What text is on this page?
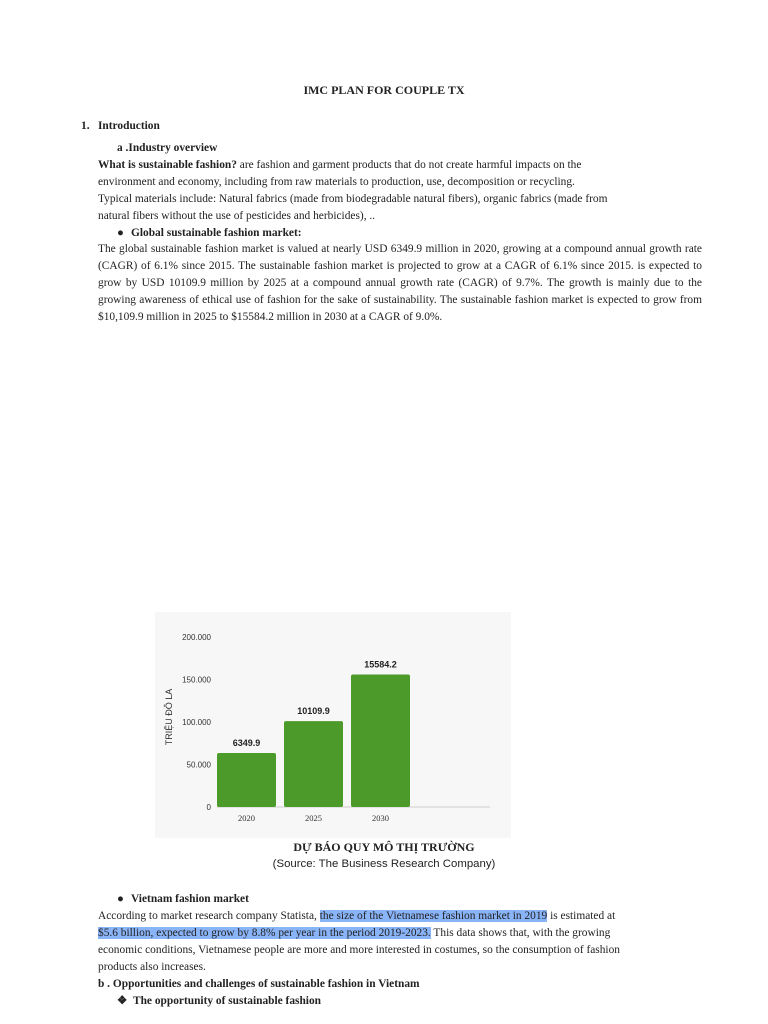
IMC PLAN FOR COUPLE TX
1. Introduction
a .Industry overview
What is sustainable fashion? are fashion and garment products that do not create harmful impacts on the
environment and economy, including from raw materials to production, use, decomposition or recycling.
Typical materials include: Natural fabrics (made from biodegradable natural fibers), organic fabrics (made from
natural fibers without the use of pesticides and herbicides), ..
● Global sustainable fashion market:
The global sustainable fashion market is valued at nearly USD 6349.9 million in 2020, growing at a compound annual growth rate (CAGR) of 6.1% since 2015. The sustainable fashion market is projected to grow at a CAGR of 6.1% since 2015. is expected to grow by USD 10109.9 million by 2025 at a compound annual growth rate (CAGR) of 9.7%. The growth is mainly due to the growing awareness of ethical use of fashion for the sake of sustainability. The sustainable fashion market is expected to grow from $10,109.9 million in 2025 to $15584.2 million in 2030 at a CAGR of 9.0%.
0
50.000
100.000
150.000
200.000
TRIỆU ĐÔ LA	6349.9
2020
10109.9
2025
15584.2
2030
DỰ BÁO QUY MÔ THỊ TRƯỜNG
(Source: The Business Research Company)
● Vietnam fashion market
According to market research company Statista, the size of the Vietnamese fashion market in 2019 is estimated at
$5.6 billion, expected to grow by 8.8% per year in the period 2019-2023. This data shows that, with the growing
economic conditions, Vietnamese people are more and more interested in costumes, so the consumption of fashion
products also increases.
b . Opportunities and challenges of sustainable fashion in Vietnam
❖ The opportunity of sustainable fashion
